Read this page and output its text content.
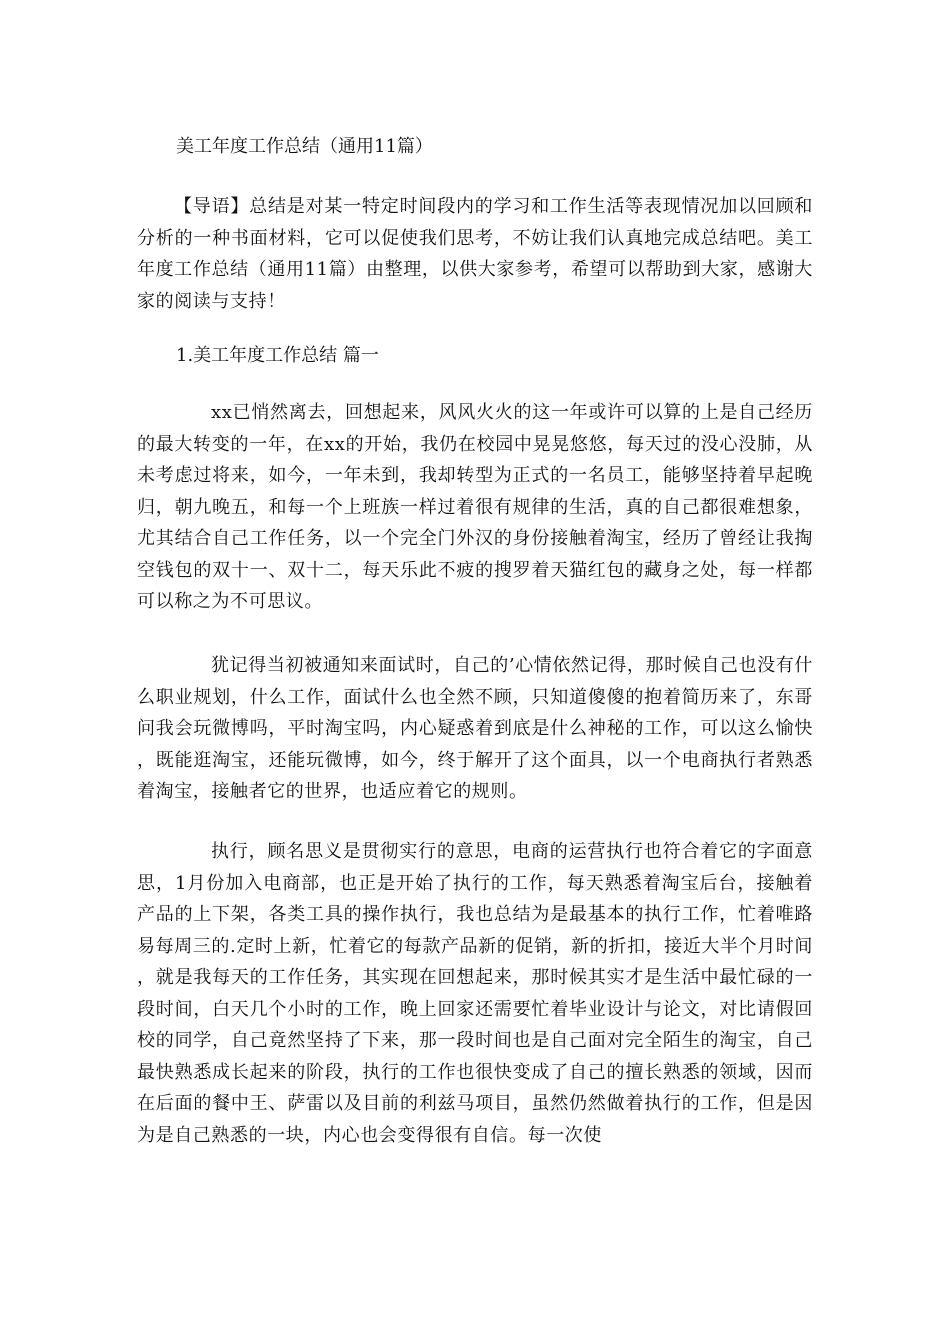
美工年度工作总结（通用11篇）

【导语】总结是对某一特定时间段内的学习和工作生活等表现情况加以回顾和分析的一种书面材料，它可以促使我们思考，不妨让我们认真地完成总结吧。美工年度工作总结（通用11篇）由整理，以供大家参考，希望可以帮助到大家，感谢大家的阅读与支持！

1.美工年度工作总结 篇一

xx已悄然离去，回想起来，风风火火的这一年或许可以算的上是自己经历的最大转变的一年，在xx的开始，我仍在校园中晃晃悠悠，每天过的没心没肺，从未考虑过将来，如今，一年未到，我却转型为正式的一名员工，能够坚持着早起晚归，朝九晚五，和每一个上班族一样过着很有规律的生活，真的自己都很难想象，尤其结合自己工作任务，以一个完全门外汉的身份接触着淘宝，经历了曾经让我掏空钱包的双十一、双十二，每天乐此不疲的搜罗着天猫红包的藏身之处，每一样都可以称之为不可思议。

犹记得当初被通知来面试时，自己的’心情依然记得，那时候自己也没有什么职业规划，什么工作，面试什么也全然不顾，只知道傻傻的抱着简历来了，东哥问我会玩微博吗，平时淘宝吗，内心疑惑着到底是什么神秘的工作，可以这么愉快，既能逛淘宝，还能玩微博，如今，终于解开了这个面具，以一个电商执行者熟悉着淘宝，接触者它的世界，也适应着它的规则。

执行，顾名思义是贯彻实行的意思，电商的运营执行也符合着它的字面意思，1月份加入电商部，也正是开始了执行的工作，每天熟悉着淘宝后台，接触着产品的上下架，各类工具的操作执行，我也总结为是最基本的执行工作，忙着唯路易每周三的.定时上新，忙着它的每款产品新的促销，新的折扣，接近大半个月时间，就是我每天的工作任务，其实现在回想起来，那时候其实才是生活中最忙碌的一段时间，白天几个小时的工作，晚上回家还需要忙着毕业设计与论文，对比请假回校的同学，自己竟然坚持了下来，那一段时间也是自己面对完全陌生的淘宝，自己最快熟悉成长起来的阶段，执行的工作也很快变成了自己的擅长熟悉的领域，因而在后面的餐中王、萨雷以及目前的利兹马项目，虽然仍然做着执行的工作，但是因为是自己熟悉的一块，内心也会变得很有自信。每一次使
